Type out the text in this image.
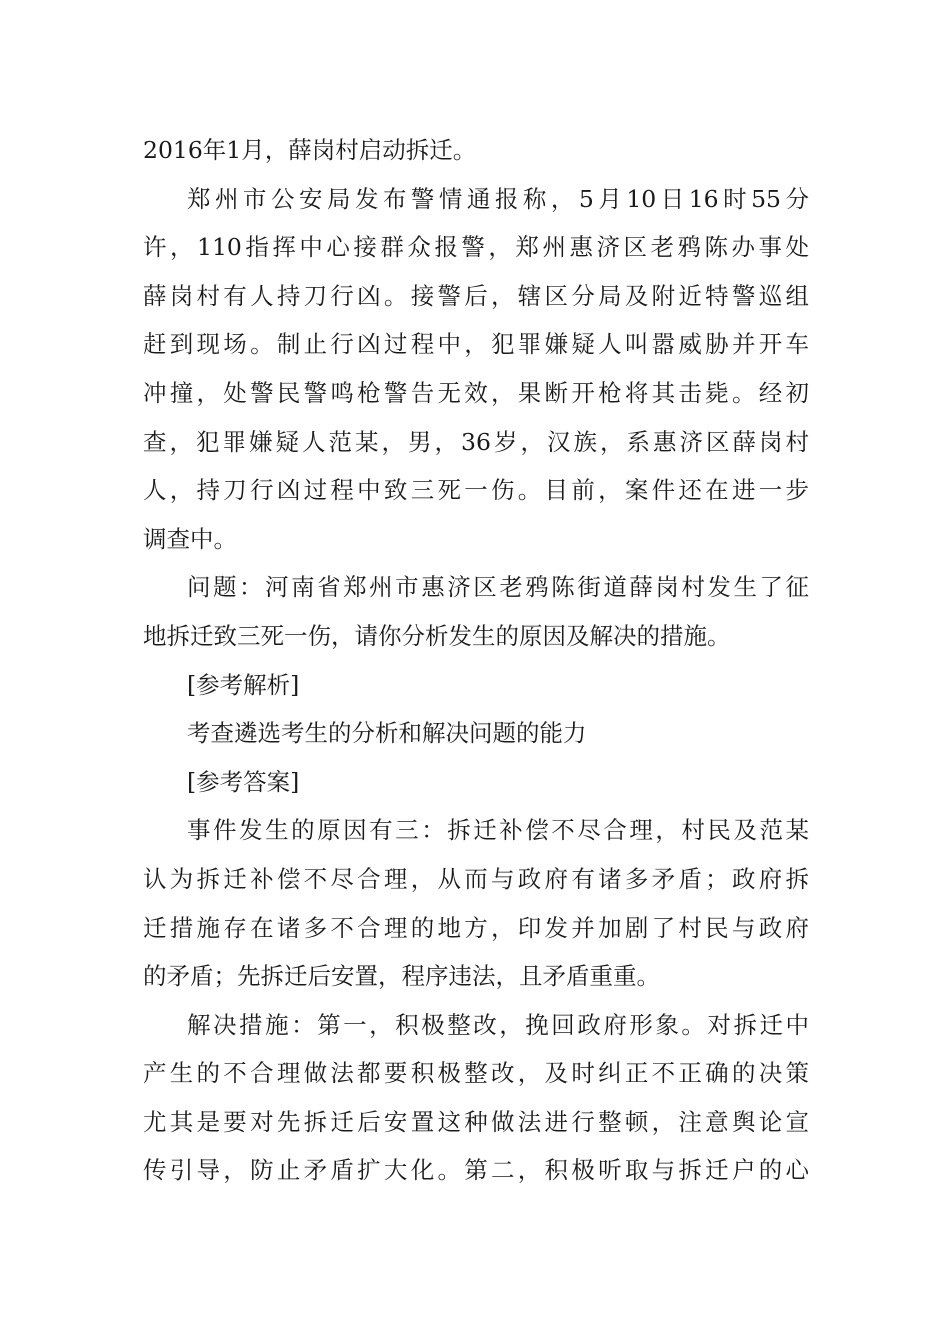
2016年1月，薛岗村启动拆迁。
郑州市公安局发布警情通报称，5月10日16时55分
许，110指挥中心接群众报警，郑州惠济区老鸦陈办事处
薛岗村有人持刀行凶。接警后，辖区分局及附近特警巡组
赶到现场。制止行凶过程中，犯罪嫌疑人叫嚣威胁并开车
冲撞，处警民警鸣枪警告无效，果断开枪将其击毙。经初
查，犯罪嫌疑人范某，男，36岁，汉族，系惠济区薛岗村
人，持刀行凶过程中致三死一伤。目前，案件还在进一步
调查中。
问题：河南省郑州市惠济区老鸦陈街道薛岗村发生了征
地拆迁致三死一伤，请你分析发生的原因及解决的措施。
[参考解析]
考查遴选考生的分析和解决问题的能力
[参考答案]
事件发生的原因有三：拆迁补偿不尽合理，村民及范某
认为拆迁补偿不尽合理，从而与政府有诸多矛盾；政府拆
迁措施存在诸多不合理的地方，印发并加剧了村民与政府
的矛盾；先拆迁后安置，程序违法，且矛盾重重。
解决措施：第一，积极整改，挽回政府形象。对拆迁中
产生的不合理做法都要积极整改，及时纠正不正确的决策
尤其是要对先拆迁后安置这种做法进行整顿，注意舆论宣
传引导，防止矛盾扩大化。第二，积极听取与拆迁户的心
